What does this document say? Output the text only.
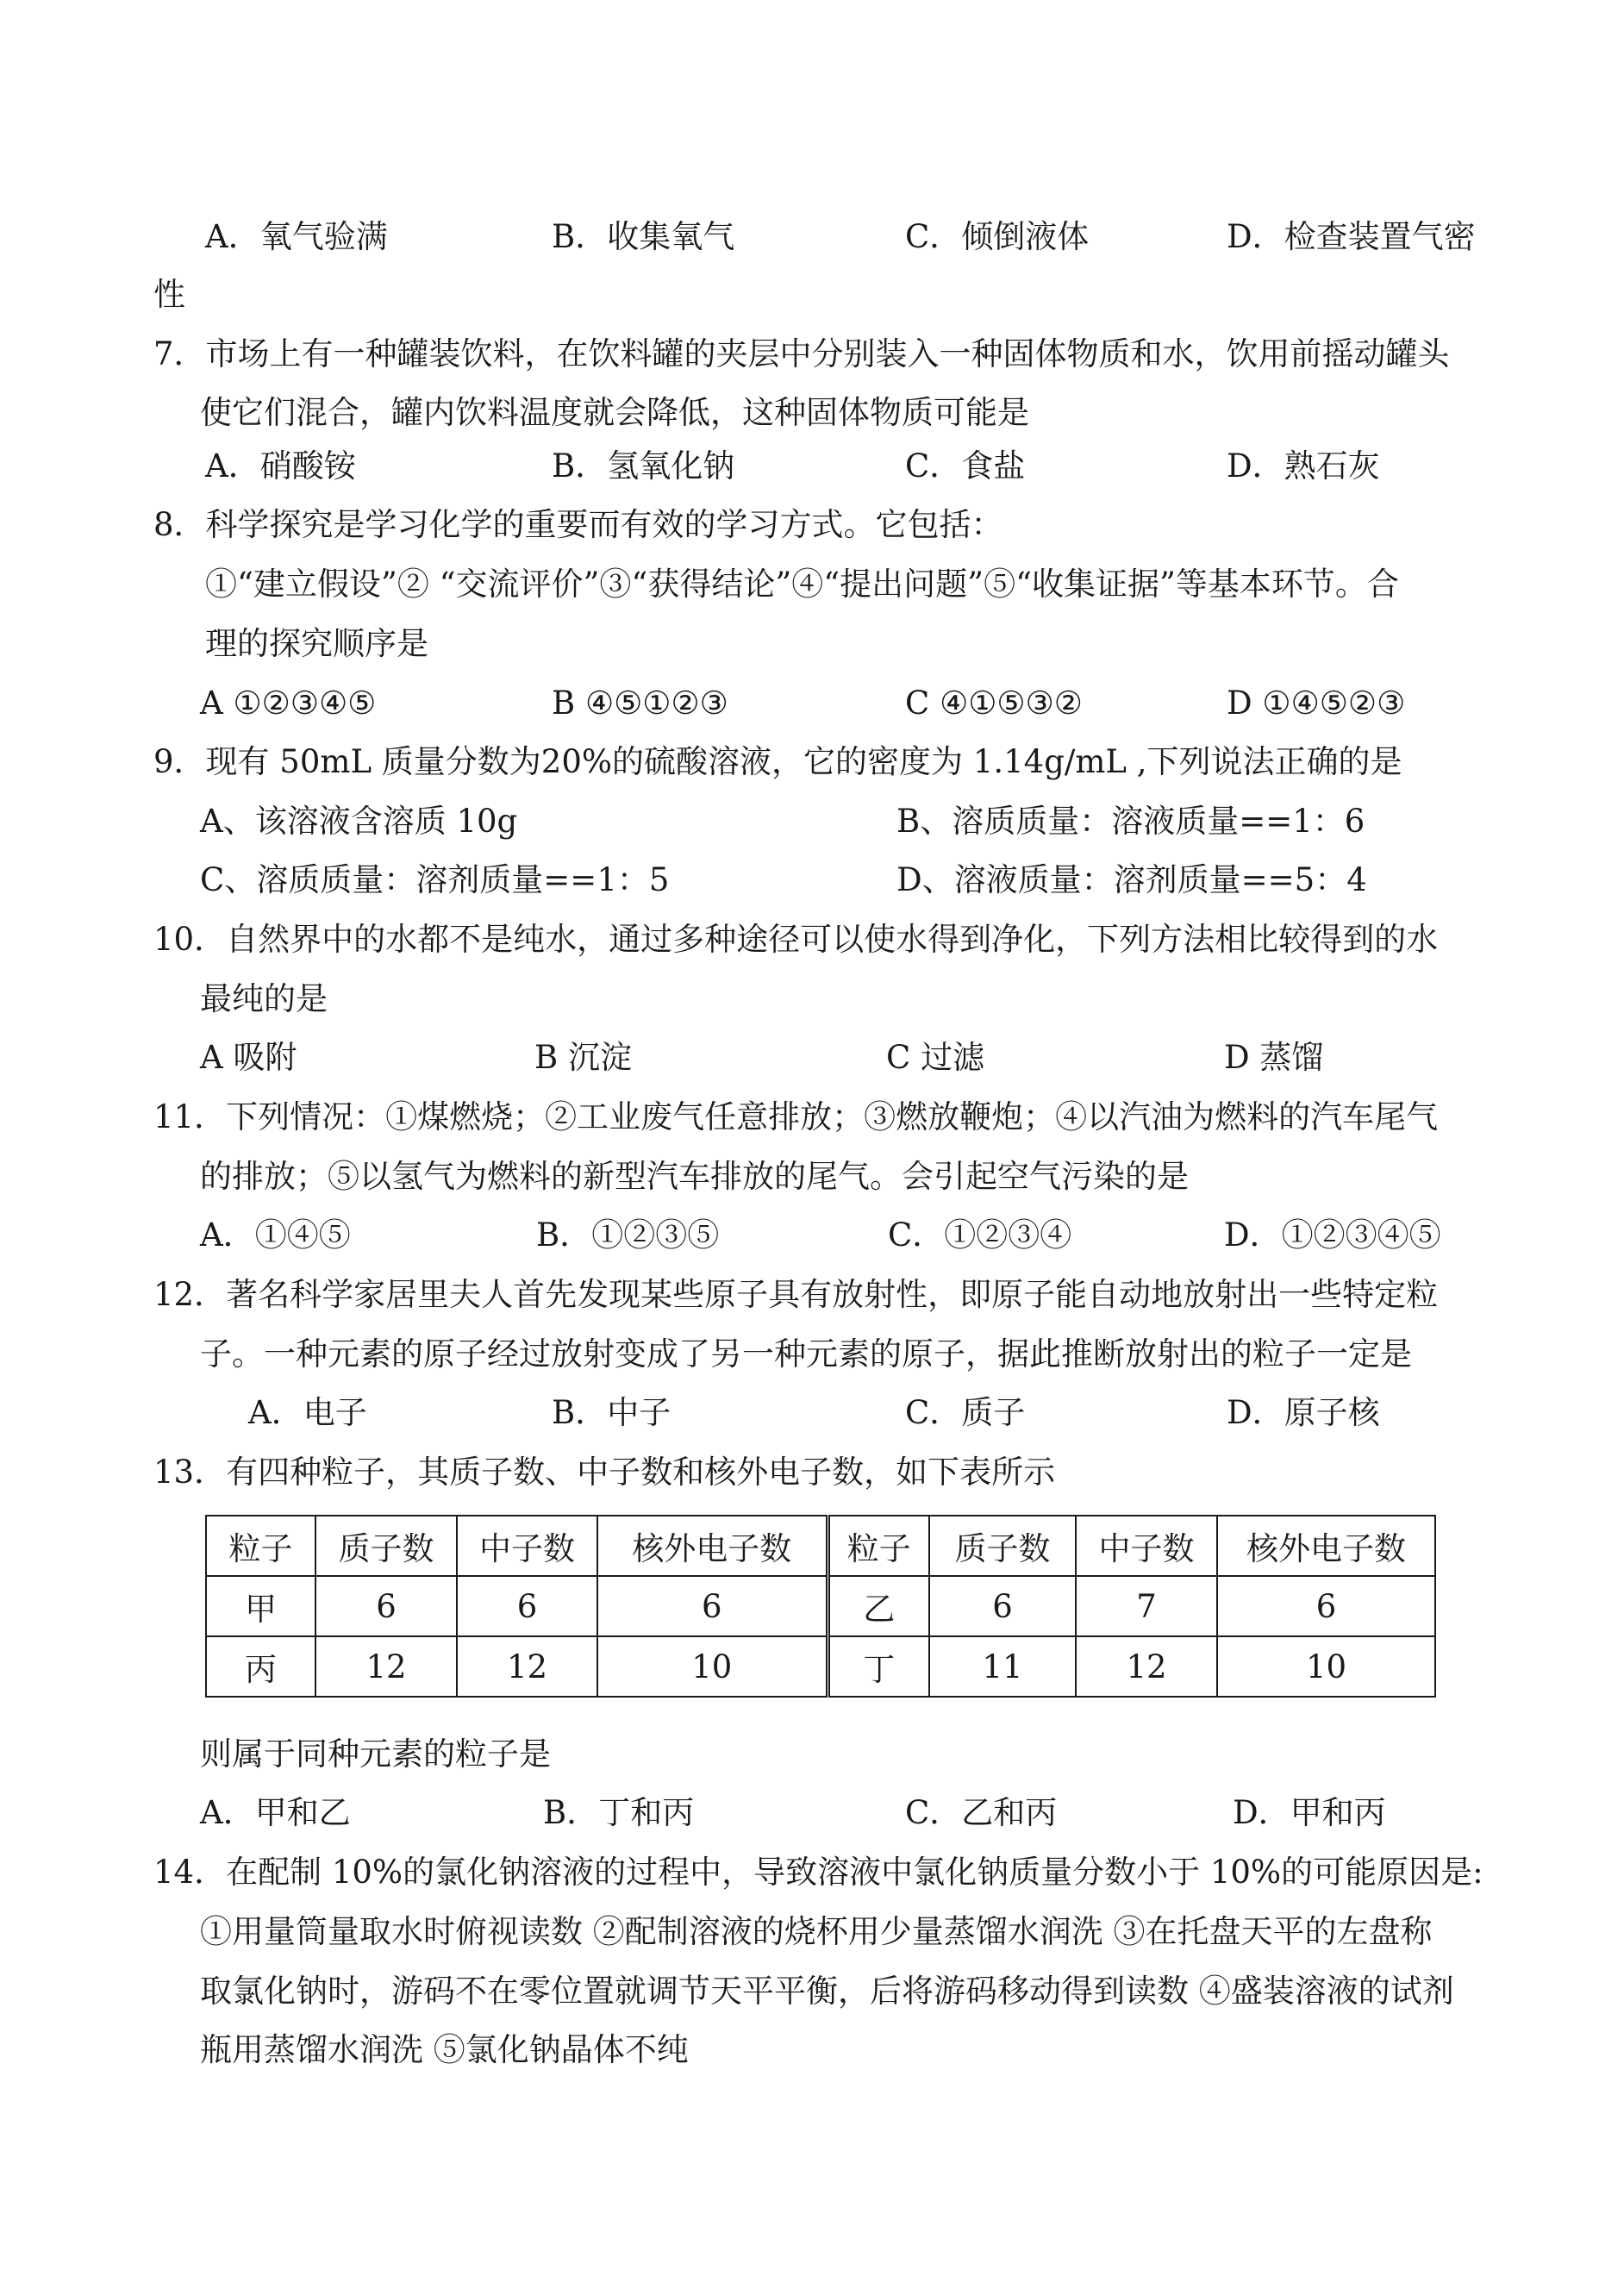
A．氧气验满	B．收集氧气	C．倾倒液体	D．检查装置气密
性
7．市场上有一种罐装饮料，在饮料罐的夹层中分别装入一种固体物质和水，饮用前摇动罐头
使它们混合，罐内饮料温度就会降低，这种固体物质可能是
A．硝酸铵	B．氢氧化钠	C．食盐	D．熟石灰
8．科学探究是学习化学的重要而有效的学习方式。它包括：
①“建立假设”② “交流评价”③“获得结论”④“提出问题”⑤“收集证据”等基本环节。合
理的探究顺序是
A ①②③④⑤	B ④⑤①②③	C ④①⑤③②	D ①④⑤②③
9．现有 50mL 质量分数为20%的硫酸溶液，它的密度为 1.14g/mL ,下列说法正确的是
A、该溶液含溶质 10g	B、溶质质量：溶液质量==1：6
C、溶质质量：溶剂质量==1：5	D、溶液质量：溶剂质量==5：4
10．自然界中的水都不是纯水，通过多种途径可以使水得到净化，下列方法相比较得到的水
最纯的是
A 吸附	B 沉淀	C 过滤	D 蒸馏
11．下列情况：①煤燃烧；②工业废气任意排放；③燃放鞭炮；④以汽油为燃料的汽车尾气
的排放；⑤以氢气为燃料的新型汽车排放的尾气。会引起空气污染的是
A．①④⑤	B．①②③⑤	C．①②③④	D．①②③④⑤
12．著名科学家居里夫人首先发现某些原子具有放射性，即原子能自动地放射出一些特定粒
子。一种元素的原子经过放射变成了另一种元素的原子，据此推断放射出的粒子一定是
A．电子	B．中子	C．质子	D．原子核
13．有四种粒子，其质子数、中子数和核外电子数，如下表所示
粒子	质子数	中子数	核外电子数	粒子	质子数	中子数	核外电子数
甲	6	6	6	乙	6	7	6
丙	12	12	10	丁	11	12	10
则属于同种元素的粒子是
A．甲和乙	B．丁和丙	C．乙和丙	D．甲和丙
14．在配制 10%的氯化钠溶液的过程中，导致溶液中氯化钠质量分数小于 10%的可能原因是:
①用量筒量取水时俯视读数 ②配制溶液的烧杯用少量蒸馏水润洗 ③在托盘天平的左盘称
取氯化钠时，游码不在零位置就调节天平平衡，后将游码移动得到读数 ④盛装溶液的试剂
瓶用蒸馏水润洗 ⑤氯化钠晶体不纯
